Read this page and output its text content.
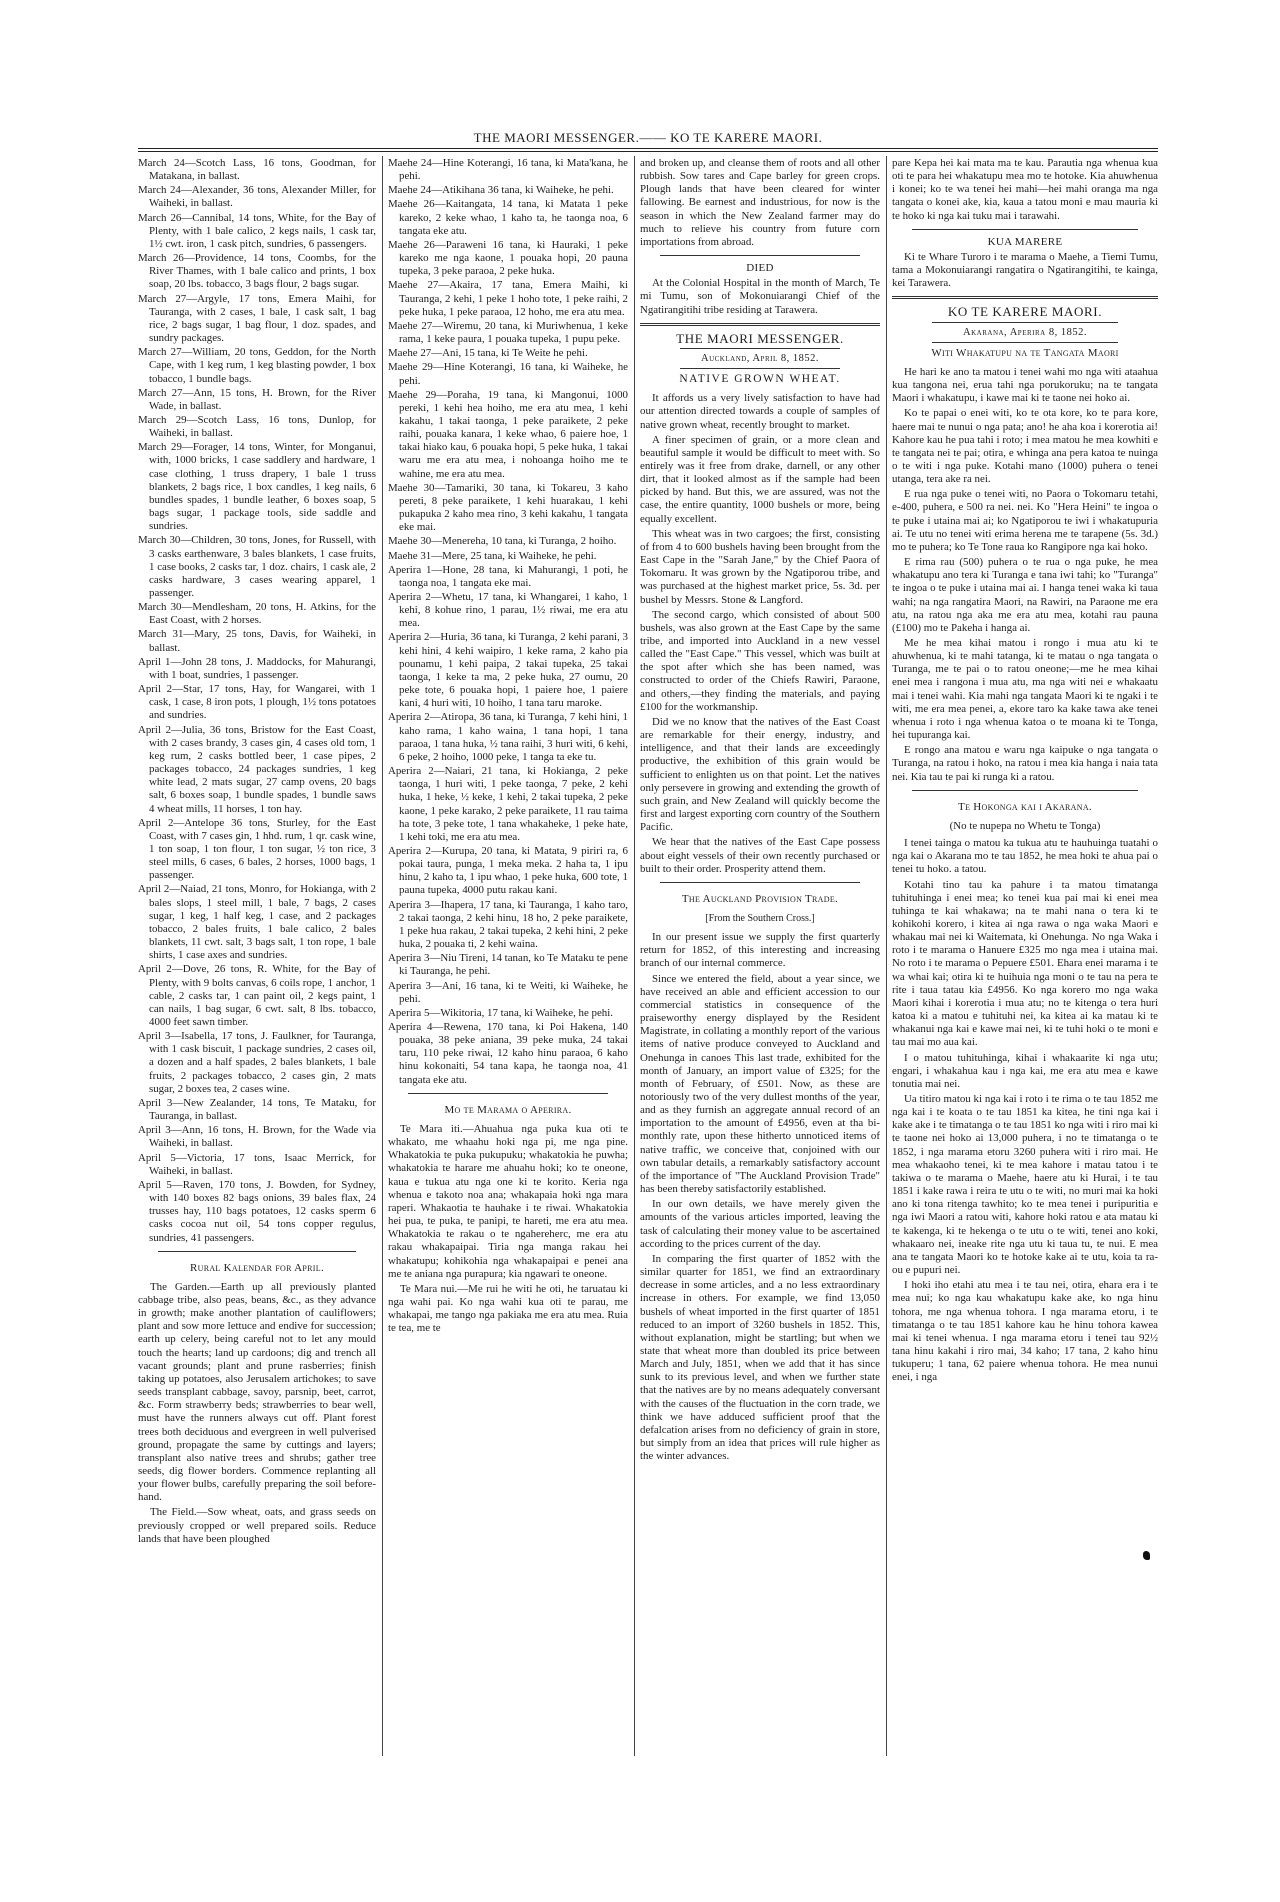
THE MAORI MESSENGER.—— KO TE KARERE MAORI.

March 24—Scotch Lass, 16 tons, Goodman, for Matakana, in ballast.

March 24—Alexander, 36 tons, Alexander Miller, for Waiheki, in ballast.

March 26—Cannibal, 14 tons, White, for the Bay of Plenty, with 1 bale calico, 2 kegs nails, 1 cask tar, 1½ cwt. iron, 1 cask pitch, sundries, 6 passengers.

March 26—Providence, 14 tons, Coombs, for the River Thames, with 1 bale calico and prints, 1 box soap, 20 lbs. tobacco, 3 bags flour, 2 bags sugar.

March 27—Argyle, 17 tons, Emera Maihi, for Tauranga, with 2 cases, 1 bale, 1 cask salt, 1 bag rice, 2 bags sugar, 1 bag flour, 1 doz. spades, and sundry packages.

March 27—William, 20 tons, Geddon, for the North Cape, with 1 keg rum, 1 keg blasting powder, 1 box tobacco, 1 bundle bags.

March 27—Ann, 15 tons, H. Brown, for the River Wade, in ballast.

March 29—Scotch Lass, 16 tons, Dunlop, for Waiheki, in ballast.

March 29—Forager, 14 tons, Winter, for Monganui, with, 1000 bricks, 1 case saddlery and hardware, 1 case clothing, 1 truss drapery, 1 bale 1 truss blankets, 2 bags rice, 1 box candles, 1 keg nails, 6 bundles spades, 1 bundle leather, 6 boxes soap, 5 bags sugar, 1 package tools, side saddle and sundries.

March 30—Children, 30 tons, Jones, for Russell, with 3 casks earthenware, 3 bales blankets, 1 case fruits, 1 case books, 2 casks tar, 1 doz. chairs, 1 cask ale, 2 casks hardware, 3 cases wearing apparel, 1 passenger.

March 30—Mendlesham, 20 tons, H. Atkins, for the East Coast, with 2 horses.

March 31—Mary, 25 tons, Davis, for Waiheki, in ballast.

April 1—John 28 tons, J. Maddocks, for Mahurangi, with 1 boat, sundries, 1 passenger.

April 2—Star, 17 tons, Hay, for Wangarei, with 1 cask, 1 case, 8 iron pots, 1 plough, 1½ tons potatoes and sundries.

April 2—Julia, 36 tons, Bristow for the East Coast, with 2 cases brandy, 3 cases gin, 4 cases old tom, 1 keg rum, 2 casks bottled beer, 1 case pipes, 2 packages tobacco, 24 packages sundries, 1 keg white lead, 2 mats sugar, 27 camp ovens, 20 bags salt, 6 boxes soap, 1 bundle spades, 1 bundle saws 4 wheat mills, 11 horses, 1 ton hay.

April 2—Antelope 36 tons, Sturley, for the East Coast, with 7 cases gin, 1 hhd. rum, 1 qr. cask wine, 1 ton soap, 1 ton flour, 1 ton sugar, ½ ton rice, 3 steel mills, 6 cases, 6 bales, 2 horses, 1000 bags, 1 passenger.

April 2—Naiad, 21 tons, Monro, for Hokianga, with 2 bales slops, 1 steel mill, 1 bale, 7 bags, 2 cases sugar, 1 keg, 1 half keg, 1 case, and 2 packages tobacco, 2 bales fruits, 1 bale calico, 2 bales blankets, 11 cwt. salt, 3 bags salt, 1 ton rope, 1 bale shirts, 1 case axes and sundries.

April 2—Dove, 26 tons, R. White, for the Bay of Plenty, with 9 bolts canvas, 6 coils rope, 1 anchor, 1 cable, 2 casks tar, 1 can paint oil, 2 kegs paint, 1 can nails, 1 bag sugar, 6 cwt. salt, 8 lbs. tobacco, 4000 feet sawn timber.

April 3—Isabella, 17 tons, J. Faulkner, for Tauranga, with 1 cask biscuit, 1 package sundries, 2 cases oil, a dozen and a half spades, 2 bales blankets, 1 bale fruits, 2 packages tobacco, 2 cases gin, 2 mats sugar, 2 boxes tea, 2 cases wine.

April 3—New Zealander, 14 tons, Te Mataku, for Tauranga, in ballast.

April 3—Ann, 16 tons, H. Brown, for the Wade via Waiheki, in ballast.

April 5—Victoria, 17 tons, Isaac Merrick, for Waiheki, in ballast.

April 5—Raven, 170 tons, J. Bowden, for Sydney, with 140 boxes 82 bags onions, 39 bales flax, 24 trusses hay, 110 bags potatoes, 12 casks sperm 6 casks cocoa nut oil, 54 tons copper regulus, sundries, 41 passengers.

Rural Kalendar for April.

The Garden.—Earth up all previously planted cabbage tribe, also peas, beans, &c., as they advance in growth; make another plantation of cauliflowers; plant and sow more lettuce and endive for succession; earth up celery, being careful not to let any mould touch the hearts; land up cardoons; dig and trench all vacant grounds; plant and prune rasberries; finish taking up potatoes, also Jerusalem artichokes; to save seeds transplant cabbage, savoy, parsnip, beet, carrot, &c. Form strawberry beds; strawberries to bear well, must have the runners always cut off. Plant forest trees both deciduous and evergreen in well pulverised ground, propagate the same by cuttings and layers; transplant also native trees and shrubs; gather tree seeds, dig flower borders. Commence replanting all your flower bulbs, carefully preparing the soil before-hand.

The Field.—Sow wheat, oats, and grass seeds on previously cropped or well prepared soils. Reduce lands that have been ploughed

Maehe 24—Hine Koterangi, 16 tana, ki Mata'kana, he pehi.

Maehe 24—Atikihana 36 tana, ki Waiheke, he pehi.

Maehe 26—Kaitangata, 14 tana, ki Matata 1 peke kareko, 2 keke whao, 1 kaho ta, he taonga noa, 6 tangata eke atu.

Maehe 26—Paraweni 16 tana, ki Hauraki, 1 peke kareko me nga kaone, 1 pouaka hopi, 20 pauna tupeka, 3 peke paraoa, 2 peke huka.

Maehe 27—Akaira, 17 tana, Emera Maihi, ki Tauranga, 2 kehi, 1 peke 1 hoho tote, 1 peke raihi, 2 peke huka, 1 peke paraoa, 12 hoho, me era atu mea.

Maehe 27—Wiremu, 20 tana, ki Muriwhenua, 1 keke rama, 1 keke paura, 1 pouaka tupeka, 1 pupu peke.

Maehe 27—Ani, 15 tana, ki Te Weite he pehi.

Maehe 29—Hine Koterangi, 16 tana, ki Waiheke, he pehi.

Maehe 29—Poraha, 19 tana, ki Mangonui, 1000 pereki, 1 kehi hea hoiho, me era atu mea, 1 kehi kakahu, 1 takai taonga, 1 peke paraikete, 2 peke raihi, pouaka kanara, 1 keke whao, 6 paiere hoe, 1 takai hiako kau, 6 pouaka hopi, 5 peke huka, 1 takai waru me era atu mea, i nohoanga hoiho me te wahine, me era atu mea.

Maehe 30—Tamariki, 30 tana, ki Tokareu, 3 kaho pereti, 8 peke paraikete, 1 kehi huarakau, 1 kehi pukapuka 2 kaho mea rino, 3 kehi kakahu, 1 tangata eke mai.

Maehe 30—Menereha, 10 tana, ki Turanga, 2 hoiho.

Maehe 31—Mere, 25 tana, ki Waiheke, he pehi.

Aperira 1—Hone, 28 tana, ki Mahurangi, 1 poti, he taonga noa, 1 tangata eke mai.

Aperira 2—Whetu, 17 tana, ki Whangarei, 1 kaho, 1 kehi, 8 kohue rino, 1 parau, 1½ riwai, me era atu mea.

Aperira 2—Huria, 36 tana, ki Turanga, 2 kehi parani, 3 kehi hini, 4 kehi waipiro, 1 keke rama, 2 kaho pia pounamu, 1 kehi paipa, 2 takai tupeka, 25 takai taonga, 1 keke ta ma, 2 peke huka, 27 oumu, 20 peke tote, 6 pouaka hopi, 1 paiere hoe, 1 paiere kani, 4 huri witi, 10 hoiho, 1 tana taru maroke.

Aperira 2—Atiropa, 36 tana, ki Turanga, 7 kehi hini, 1 kaho rama, 1 kaho waina, 1 tana hopi, 1 tana paraoa, 1 tana huka, ½ tana raihi, 3 huri witi, 6 kehi, 6 peke, 2 hoiho, 1000 peke, 1 tanga ta eke tu.

Aperira 2—Naiari, 21 tana, ki Hokianga, 2 peke taonga, 1 huri witi, 1 peke taonga, 7 peke, 2 kehi huka, 1 heke, ½ keke, 1 kehi, 2 takai tupeka, 2 peke kaone, 1 peke karako, 2 peke paraikete, 11 rau taima ha tote, 3 peke tote, 1 tana whakaheke, 1 peke hate, 1 kehi toki, me era atu mea.

Aperira 2—Kurupa, 20 tana, ki Matata, 9 piriri ra, 6 pokai taura, punga, 1 meka meka. 2 haha ta, 1 ipu hinu, 2 kaho ta, 1 ipu whao, 1 peke huka, 600 tote, 1 pauna tupeka, 4000 putu rakau kani.

Aperira 3—Ihapera, 17 tana, ki Tauranga, 1 kaho taro, 2 takai taonga, 2 kehi hinu, 18 ho, 2 peke paraikete, 1 peke hua rakau, 2 takai tupeka, 2 kehi hini, 2 peke huka, 2 pouaka ti, 2 kehi waina.

Aperira 3—Niu Tireni, 14 tanan, ko Te Mataku te pene ki Tauranga, he pehi.

Aperira 3—Ani, 16 tana, ki te Weiti, ki Waiheke, he pehi.

Aperira 5—Wikitoria, 17 tana, ki Waiheke, he pehi.

Aperira 4—Rewena, 170 tana, ki Poi Hakena, 140 pouaka, 38 peke aniana, 39 peke muka, 24 takai taru, 110 peke riwai, 12 kaho hinu paraoa, 6 kaho hinu kokonaiti, 54 tana kapa, he taonga noa, 41 tangata eke atu.

Mo te Marama o Aperira.

Te Mara iti.—Ahuahua nga puka kua oti te whakato, me whaahu hoki nga pi, me nga pine. Whakatokia te puka pukupuku; whakatokia he puwha; whakatokia te harare me ahuahu hoki; ko te oneone, kaua e tukua atu nga one ki te korito. Keria nga whenua e takoto noa ana; whakapaia hoki nga mara raperi. Whakaotia te hauhake i te riwai. Whakatokia hei pua, te puka, te panipi, te hareti, me era atu mea. Whakatokia te rakau o te ngahereherc, me era atu rakau whakapaipai. Tiria nga manga rakau hei whakatupu; kohikohia nga whakapaipai e penei ana me te aniana nga purapura; kia ngawari te oneone.

Te Mara nui.—Me rui he witi he oti, he taruatau ki nga wahi pai. Ko nga wahi kua oti te parau, me whakapai, me tango nga pakiaka me era atu mea. Ruia te tea, me te

and broken up, and cleanse them of roots and all other rubbish. Sow tares and Cape barley for green crops. Plough lands that have been cleared for winter fallowing. Be earnest and industrious, for now is the season in which the New Zealand farmer may do much to relieve his country from future corn importations from abroad.

DIED

At the Colonial Hospital in the month of March, Te mi Tumu, son of Mokonuiarangi Chief of the Ngatirangitihi tribe residing at Tarawera.

THE MAORI MESSENGER.
Auckland, April 8, 1852.
NATIVE GROWN WHEAT.

It affords us a very lively satisfaction to have had our attention directed towards a couple of samples of native grown wheat, recently brought to market.

A finer specimen of grain, or a more clean and beautiful sample it would be difficult to meet with. So entirely was it free from drake, darnell, or any other dirt, that it looked almost as if the sample had been picked by hand. But this, we are assured, was not the case, the entire quantity, 1000 bushels or more, being equally excellent.

This wheat was in two cargoes; the first, consisting of from 4 to 600 bushels having been brought from the East Cape in the "Sarah Jane," by the Chief Paora of Tokomaru. It was grown by the Ngatiporou tribe, and was purchased at the highest market price, 5s. 3d. per bushel by Messrs. Stone & Langford.

The second cargo, which consisted of about 500 bushels, was also grown at the East Cape by the same tribe, and imported into Auckland in a new vessel called the "East Cape." This vessel, which was built at the spot after which she has been named, was constructed to order of the Chiefs Rawiri, Paraone, and others,—they finding the materials, and paying £100 for the workmanship.

Did we no know that the natives of the East Coast are remarkable for their energy, industry, and intelligence, and that their lands are exceedingly productive, the exhibition of this grain would be sufficient to enlighten us on that point. Let the natives only persevere in growing and extending the growth of such grain, and New Zealand will quickly become the first and largest exporting corn country of the Southern Pacific.

We hear that the natives of the East Cape possess about eight vessels of their own recently purchased or built to their order. Prosperity attend them.

The Auckland Provision Trade.
[From the Southern Cross.]

In our present issue we supply the first quarterly return for 1852, of this interesting and increasing branch of our internal commerce.

Since we entered the field, about a year since, we have received an able and efficient accession to our commercial statistics in consequence of the praiseworthy energy displayed by the Resident Magistrate, in collating a monthly report of the various items of native produce conveyed to Auckland and Onehunga in canoes This last trade, exhibited for the month of January, an import value of £325; for the month of February, of £501. Now, as these are notoriously two of the very dullest months of the year, and as they furnish an aggregate annual record of an importation to the amount of £4956, even at tha bi-monthly rate, upon these hitherto unnoticed items of native traffic, we conceive that, conjoined with our own tabular details, a remarkably satisfactory account of the importance of "The Auckland Provision Trade" has been thereby satisfactorily established.

In our own details, we have merely given the amounts of the various articles imported, leaving the task of calculating their money value to be ascertained according to the prices current of the day.

In comparing the first quarter of 1852 with the similar quarter for 1851, we find an extraordinary decrease in some articles, and a no less extraordinary increase in others. For example, we find 13,050 bushels of wheat imported in the first quarter of 1851 reduced to an import of 3260 bushels in 1852. This, without explanation, might be startling; but when we state that wheat more than doubled its price between March and July, 1851, when we add that it has since sunk to its previous level, and when we further state that the natives are by no means adequately conversant with the causes of the fluctuation in the corn trade, we think we have adduced sufficient proof that the defalcation arises from no deficiency of grain in store, but simply from an idea that prices will rule higher as the winter advances.

pare Kepa hei kai mata ma te kau. Parautia nga whenua kua oti te para hei whakatupu mea mo te hotoke. Kia ahuwhenua i konei; ko te wa tenei hei mahi—hei mahi oranga ma nga tangata o konei ake, kia, kaua a tatou moni e mau mauria ki te hoko ki nga kai tuku mai i tarawahi.

KUA MARERE

Ki te Whare Turoro i te marama o Maehe, a Tiemi Tumu, tama a Mokonuiarangi rangatira o Ngatirangitihi, te kainga, kei Tarawera.

KO TE KARERE MAORI.
Akarana, Aperira 8, 1852.
Witi Whakatupu na te Tangata Maori

He hari ke ano ta matou i tenei wahi mo nga witi ataahua kua tangona nei, erua tahi nga porukoruku; na te tangata Maori i whakatupu, i kawe mai ki te taone nei hoko ai.

Ko te papai o enei witi, ko te ota kore, ko te para kore, haere mai te nunui o nga pata; ano! he aha koa i korerotia ai! Kahore kau he pua tahi i roto; i mea matou he mea kowhiti e te tangata nei te pai; otira, e whinga ana pera katoa te nuinga o te witi i nga puke. Kotahi mano (1000) puhera o tenei utanga, tera ake ra nei.

E rua nga puke o tenei witi, no Paora o Tokomaru tetahi, e-400, puhera, e 500 ra nei. nei. Ko "Hera Heini" te ingoa o te puke i utaina mai ai; ko Ngatiporou te iwi i whakatupuria ai. Te utu no tenei witi erima herena me te tarapene (5s. 3d.) mo te puhera; ko Te Tone raua ko Rangipore nga kai hoko.

E rima rau (500) puhera o te rua o nga puke, he mea whakatupu ano tera ki Turanga e tana iwi tahi; ko "Turanga" te ingoa o te puke i utaina mai ai. I hanga tenei waka ki taua wahi; na nga rangatira Maori, na Rawiri, na Paraone me era atu, na ratou nga aka me era atu mea, kotahi rau pauna (£100) mo te Pakeha i hanga ai.

Me he mea kihai matou i rongo i mua atu ki te ahuwhenua, ki te mahi tatanga, ki te matau o nga tangata o Turanga, me te pai o to ratou oneone;—me he mea kihai enei mea i rangona i mua atu, ma nga witi nei e whakaatu mai i tenei wahi. Kia mahi nga tangata Maori ki te ngaki i te witi, me era mea penei, a, ekore taro ka kake tawa ake tenei whenua i roto i nga whenua katoa o te moana ki te Tonga, hei tupuranga kai.

E rongo ana matou e waru nga kaipuke o nga tangata o Turanga, na ratou i hoko, na ratou i mea kia hanga i naia tata nei. Kia tau te pai ki runga ki a ratou.

Te Hokonga kai i Akarana.
(No te nupepa no Whetu te Tonga)

I tenei tainga o matou ka tukua atu te hauhuinga tuatahi o nga kai o Akarana mo te tau 1852, he mea hoki te ahua pai o tenei tu hoko. a tatou.

Kotahi tino tau ka pahure i ta matou timatanga tuhituhinga i enei mea; ko tenei kua pai mai ki enei mea tuhinga te kai whakawa; na te mahi nana o tera ki te kohikohi korero, i kitea ai nga rawa o nga waka Maori e whakau mai nei ki Waitemata, ki Onehunga. No nga Waka i roto i te marama o Hanuere £325 mo nga mea i utaina mai. No roto i te marama o Pepuere £501. Ehara enei marama i te wa whai kai; otira ki te huihuia nga moni o te tau na pera te rite i taua tatau kia £4956. Ko nga korero mo nga waka Maori kihai i korerotia i mua atu; no te kitenga o tera huri katoa ki a matou e tuhituhi nei, ka kitea ai ka matau ki te whakanui nga kai e kawe mai nei, ki te tuhi hoki o te moni e tau mai mo aua kai.

I o matou tuhituhinga, kihai i whakaarite ki nga utu; engari, i whakahua kau i nga kai, me era atu mea e kawe tonutia mai nei.

Ua titiro matou ki nga kai i roto i te rima o te tau 1852 me nga kai i te koata o te tau 1851 ka kitea, he tini nga kai i kake ake i te timatanga o te tau 1851 ko nga witi i riro mai ki te taone nei hoko ai 13,000 puhera, i no te timatanga o te 1852, i nga marama etoru 3260 puhera witi i riro mai. He mea whakaoho tenei, ki te mea kahore i matau tatou i te takiwa o te marama o Maehe, haere atu ki Hurai, i te tau 1851 i kake rawa i reira te utu o te witi, no muri mai ka hoki ano ki tona ritenga tawhito; ko te mea tenei i puripuritia e nga iwi Maori a ratou witi, kahore hoki ratou e ata matau ki te kakenga, ki te hekenga o te utu o te witi, tenei ano koki, whakaaro nei, ineake rite nga utu ki taua tu, te nui. E mea ana te tangata Maori ko te hotoke kake ai te utu, koia ta ra-ou e pupuri nei.

I hoki iho etahi atu mea i te tau nei, otira, ehara era i te mea nui; ko nga kau whakatupu kake ake, ko nga hinu tohora, me nga whenua tohora. I nga marama etoru, i te timatanga o te tau 1851 kahore kau he hinu tohora kawea mai ki tenei whenua. I nga marama etoru i tenei tau 92½ tana hinu kakahi i riro mai, 34 kaho; 17 tana, 2 kaho hinu tukuperu; 1 tana, 62 paiere whenua tohora. He mea nunui enei, i nga
